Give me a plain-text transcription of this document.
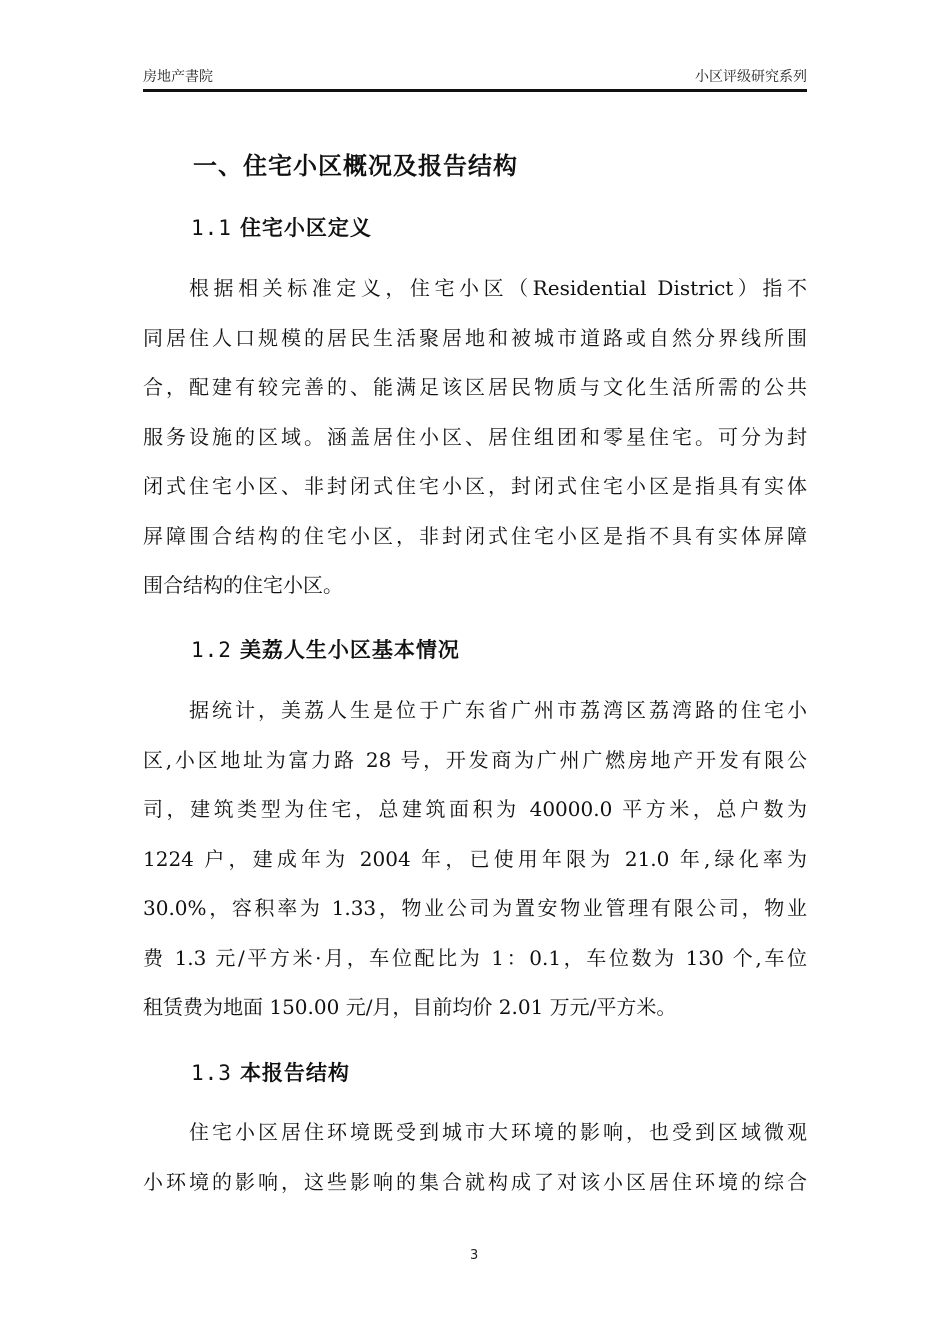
房地产書院	小区评级研究系列
一、住宅小区概况及报告结构
1.1 住宅小区定义
根据相关标准定义，住宅小区（Residential District）指不
同居住人口规模的居民生活聚居地和被城市道路或自然分界线所围
合，配建有较完善的、能满足该区居民物质与文化生活所需的公共
服务设施的区域。涵盖居住小区、居住组团和零星住宅。可分为封
闭式住宅小区、非封闭式住宅小区，封闭式住宅小区是指具有实体
屏障围合结构的住宅小区，非封闭式住宅小区是指不具有实体屏障
围合结构的住宅小区。
1.2 美荔人生小区基本情况
据统计，美荔人生是位于广东省广州市荔湾区荔湾路的住宅小
区,小区地址为富力路 28 号，开发商为广州广燃房地产开发有限公
司，建筑类型为住宅，总建筑面积为 40000.0 平方米，总户数为
1224 户，建成年为 2004 年，已使用年限为 21.0 年,绿化率为
30.0%，容积率为 1.33，物业公司为置安物业管理有限公司，物业
费 1.3 元/平方米·月，车位配比为 1：0.1，车位数为 130 个,车位
租赁费为地面 150.00 元/月，目前均价 2.01 万元/平方米。
1.3 本报告结构
住宅小区居住环境既受到城市大环境的影响，也受到区域微观
小环境的影响，这些影响的集合就构成了对该小区居住环境的综合
3
